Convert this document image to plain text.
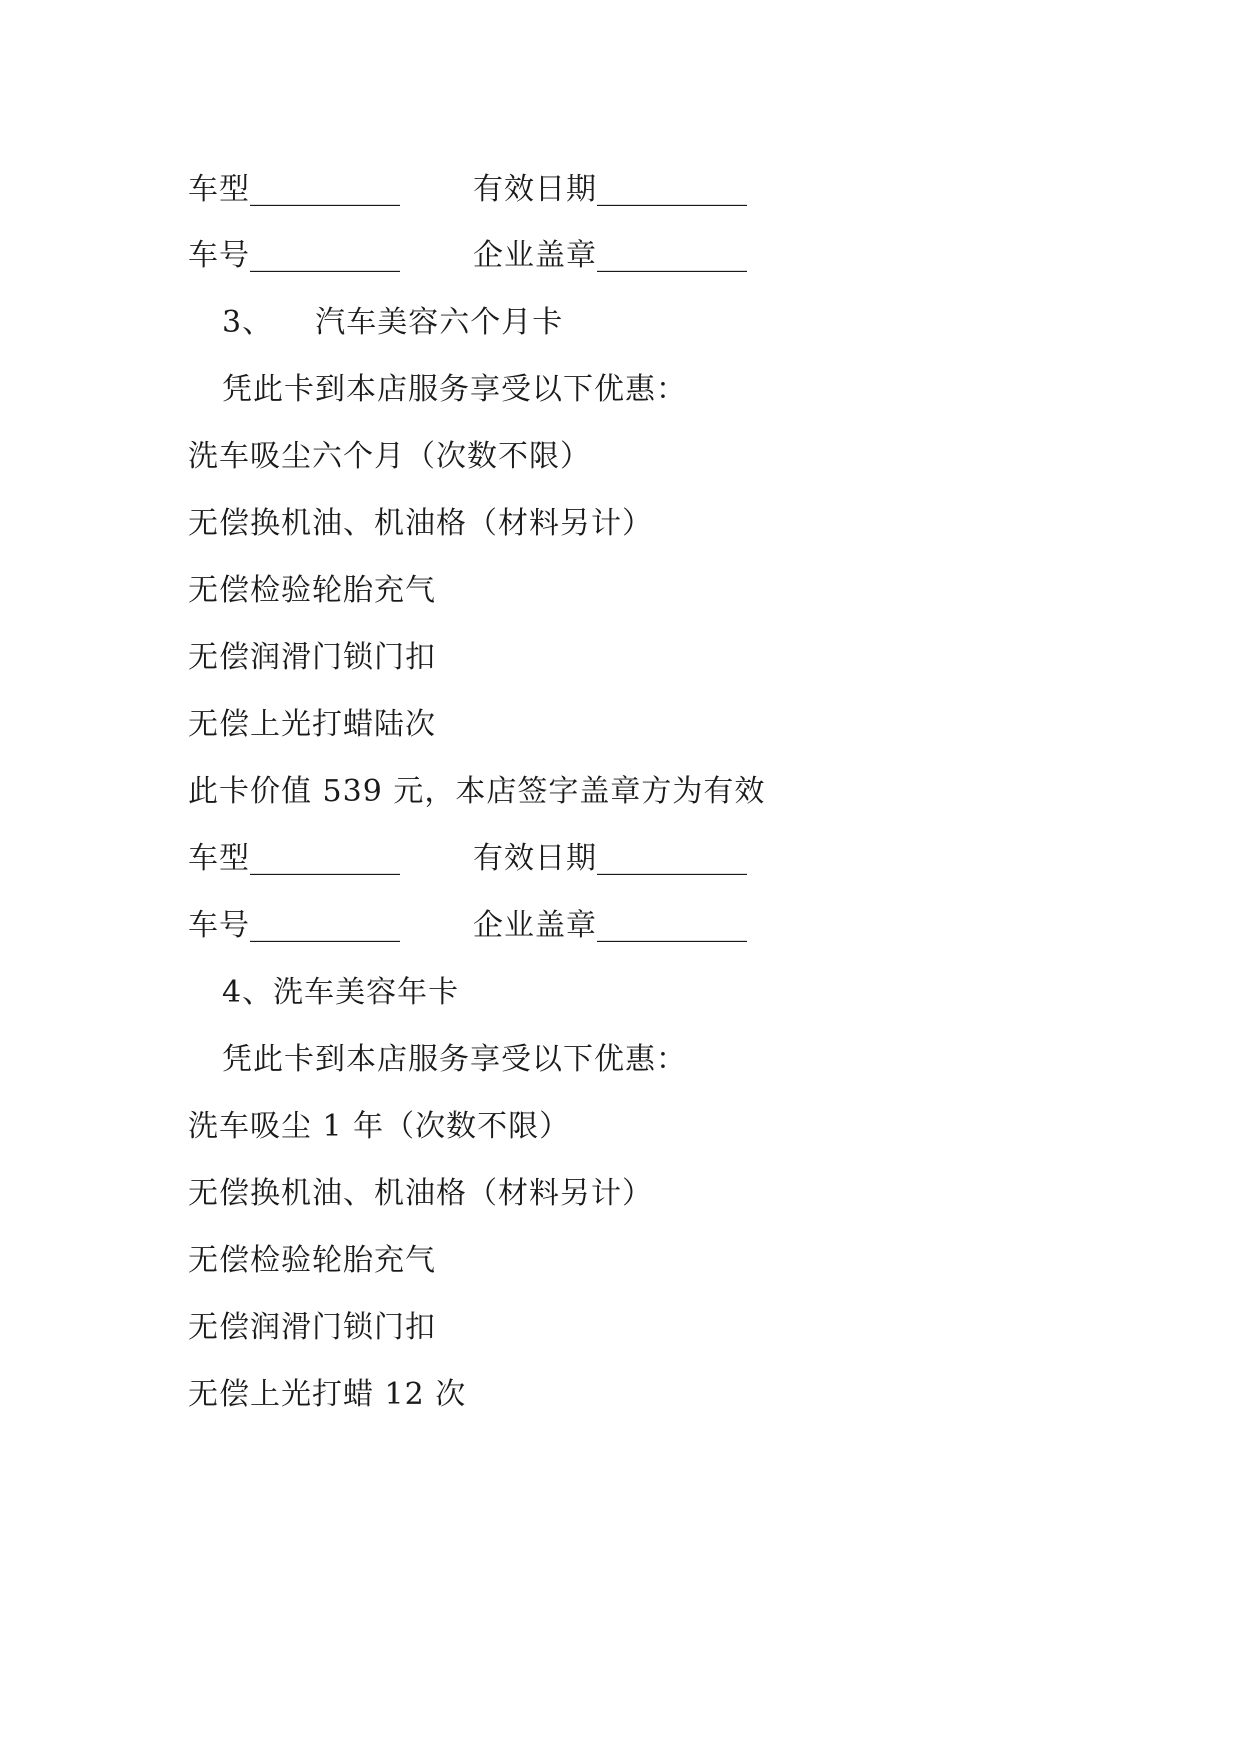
车型__________

有效日期__________

车号__________

企业盖章__________

3、    汽车美容六个月卡
凭此卡到本店服务享受以下优惠：
洗车吸尘六个月（次数不限）
无偿换机油、机油格（材料另计）
无偿检验轮胎充气
无偿润滑门锁门扣
无偿上光打蜡陆次
此卡价值 539 元，本店签字盖章方为有效

车型__________

有效日期__________

车号__________

企业盖章__________

4、洗车美容年卡
凭此卡到本店服务享受以下优惠：
洗车吸尘 1 年（次数不限）
无偿换机油、机油格（材料另计）
无偿检验轮胎充气
无偿润滑门锁门扣
无偿上光打蜡 12 次
